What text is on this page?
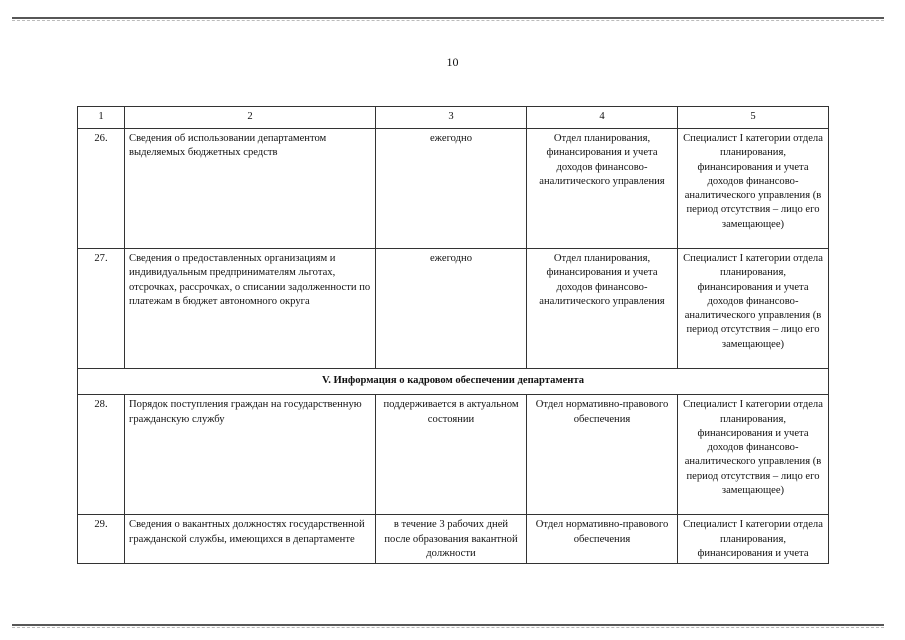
10
1	2	3	4	5
26.	Сведения об использовании департаментом выделяемых бюджетных средств	ежегодно	Отдел планирования, финансирования и учета доходов финансово-аналитического управления	Специалист I категории отдела планирования, финансирования и учета доходов финансово-аналитического управления (в период отсутствия – лицо его замещающее)
27.	Сведения о предоставленных организациям и индивидуальным предпринимателям льготах, отсрочках, рассрочках, о списании задолженности по платежам в бюджет автономного округа	ежегодно	Отдел планирования, финансирования и учета доходов финансово-аналитического управления	Специалист I категории отдела планирования, финансирования и учета доходов финансово-аналитического управления (в период отсутствия – лицо его замещающее)
V. Информация о кадровом обеспечении департамента				
28.	Порядок поступления граждан на государственную гражданскую службу	поддерживается в актуальном состоянии	Отдел нормативно-правового обеспечения	Специалист I категории отдела планирования, финансирования и учета доходов финансово-аналитического управления (в период отсутствия – лицо его замещающее)
29.	Сведения о вакантных должностях государственной гражданской службы, имеющихся в департаменте	в течение 3 рабочих дней после образования вакантной должности	Отдел нормативно-правового обеспечения	Специалист I категории отдела планирования, финансирования и учета
